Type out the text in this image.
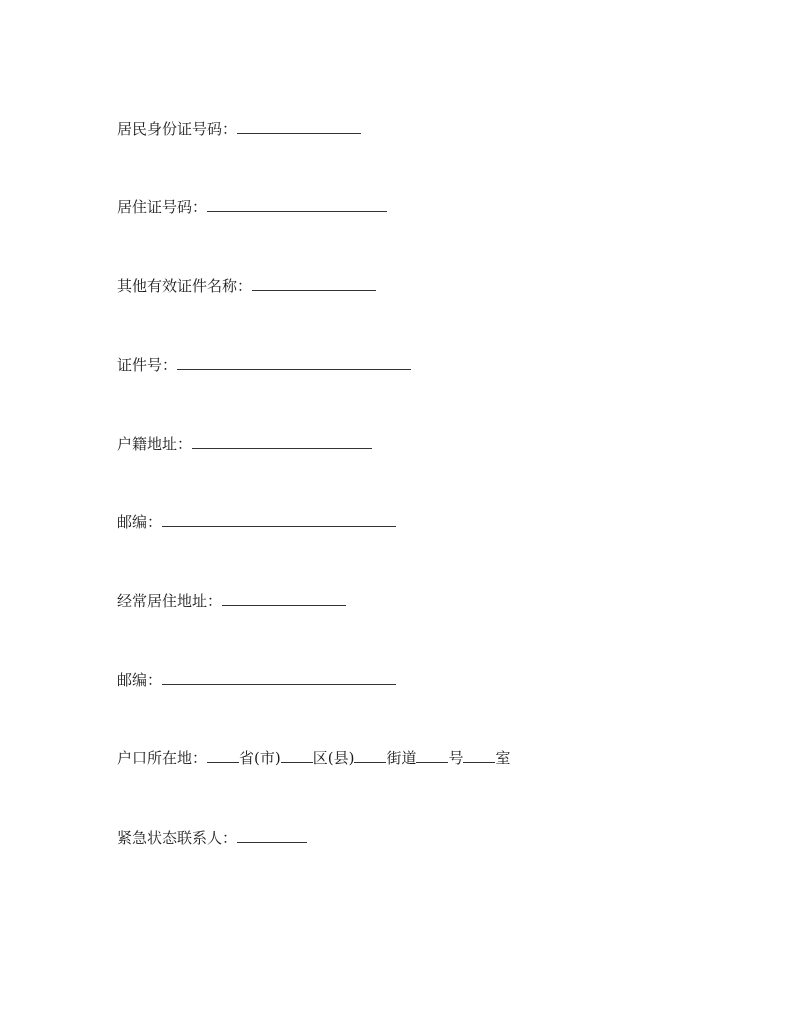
居民身份证号码：
居住证号码：
其他有效证件名称：
证件号：
户籍地址：
邮编：
经常居住地址：
邮编：
户口所在地： 省(市) 区(县) 街道 号 室
紧急状态联系人：
